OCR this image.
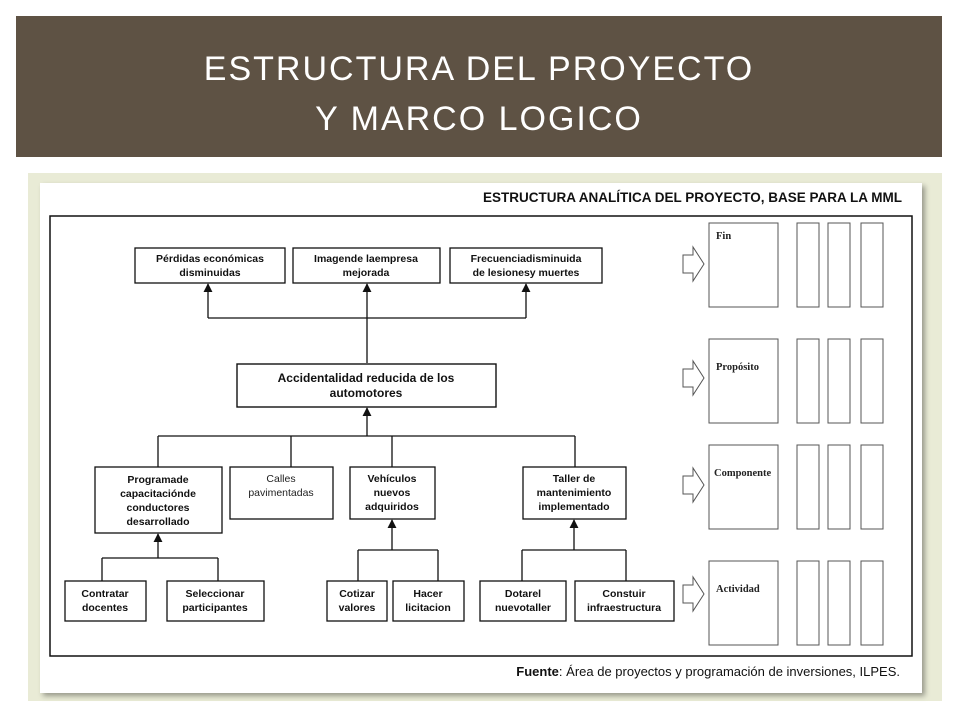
ESTRUCTURA DEL PROYECTO
Y MARCO LOGICO
ESTRUCTURA ANALÍTICA DEL PROYECTO, BASE PARA LA MML
Pérdidas económicas
disminuidas
Imagende laempresa
mejorada
Frecuenciadisminuida
de lesionesy muertes
Accidentalidad reducida de los
automotores
Programade
capacitaciónde
conductores
desarrollado
Calles
pavimentadas
Vehículos
nuevos
adquiridos
Taller de
mantenimiento
implementado
Contratar
docentes
Seleccionar
participantes
Cotizar
valores
Hacer
licitacion
Dotarel
nuevotaller
Constuir
infraestructura
Fin
Propósito
Componente
Actividad
Fuente: Área de proyectos y programación de inversiones, ILPES.
